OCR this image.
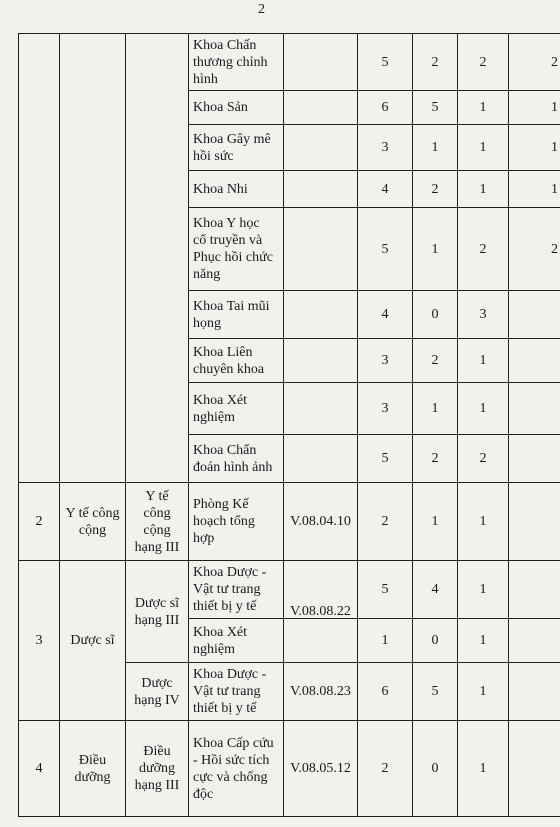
2
Khoa Chấn
thương chỉnh
hình
Khoa Sản
Khoa Gây mê
hồi sức
Khoa Nhi
Khoa Y học
cổ truyền và
Phục hồi chức
năng
Khoa Tai mũi
họng
Khoa Liên
chuyên khoa
Khoa Xét
nghiệm
Khoa Chẩn
đoán hình ảnh
Phòng Kế
hoạch tổng
hợp
Khoa Dược -
Vật tư trang
thiết bị y tế
Khoa Xét
nghiệm
Khoa Dược -
Vật tư trang
thiết bị y tế
Khoa Cấp cứu
- Hồi sức tích
cực và chống
độc
V.08.04.10
V.08.08.22
V.08.08.23
V.08.05.12
2
Y tế công
cộng
Y tế
công
cộng
hạng III
3	Dược sĩ
Dược sĩ
hạng III
Dược
hạng IV
4
Điều
dưỡng
Điều
dưỡng
hạng III
5
6
3
4
5
4
3
3
5
2
5
1
6
2
2
5
1
2
1
0
2
1
2
1
4
0
5
0
2
1
1
1
2
3
1
1
2
1
1
1
1
1
2
1
1
1
2
